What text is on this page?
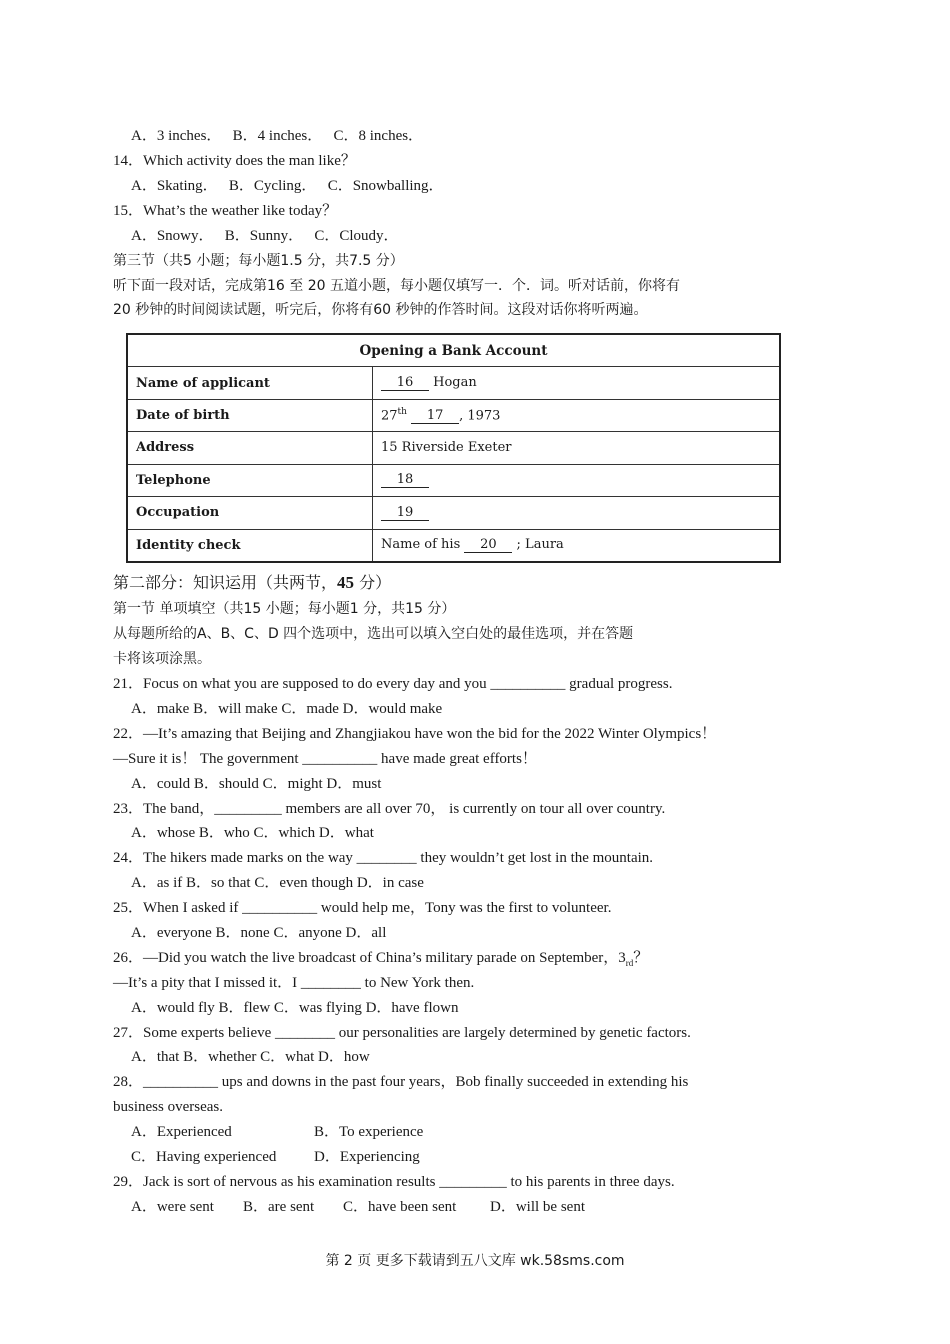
A．3 inches． B．4 inches． C．8 inches．
14．Which activity does the man like？
A．Skating． B．Cycling． C．Snowballing．
15．What’s the weather like today？
A．Snowy． B．Sunny． C．Cloudy．
第三节（共5 小题；每小题1.5 分，共7.5 分）
听下面一段对话，完成第16 至 20 五道小题，每小题仅填写一．个．词。听对话前，你将有
20 秒钟的时间阅读试题，听完后，你将有60 秒钟的作答时间。这段对话你将听两遍。
Opening a Bank Account	
Name of applicant	16 Hogan
Date of birth	27th 17 , 1973
Address	15 Riverside Exeter
Telephone	18
Occupation	19
Identity check	Name of his 20 ; Laura
第二部分：知识运用（共两节，45 分）
第一节 单项填空（共15 小题；每小题1 分，共15 分）
从每题所给的A、B、C、D 四个选项中，选出可以填入空白处的最佳选项，并在答题
卡将该项涂黑。
21．Focus on what you are supposed to do every day and you __________ gradual progress.
A．make B．will make C．made D．would make
22．—It’s amazing that Beijing and Zhangjiakou have won the bid for the 2022 Winter Olympics！
—Sure it is！ The government __________ have made great efforts！
A．could B．should C．might D．must
23．The band，_________ members are all over 70， is currently on tour all over country.
A．whose B．who C．which D．what
24．The hikers made marks on the way ________ they wouldn’t get lost in the mountain.
A．as if B．so that C．even though D．in case
25．When I asked if __________ would help me，Tony was the first to volunteer.
A．everyone B．none C．anyone D．all
26．—Did you watch the live broadcast of China’s military parade on September，$3_{rd}$？
—It’s a pity that I missed it．I ________ to New York then.
A．would fly B．flew C．was flying D．have flown
27．Some experts believe ________ our personalities are largely determined by genetic factors.
A．that B．whether C．what D．how
28．__________ ups and downs in the past four years，Bob finally succeeded in extending his
business overseas.
A．Experienced	B．To experience
C．Having experienced	D．Experiencing
29．Jack is sort of nervous as his examination results _________ to his parents in three days.
A．were sent B．are sent C．have been sent D．will be sent
第 2 页 更多下载请到五八文库 wk.58sms.com
